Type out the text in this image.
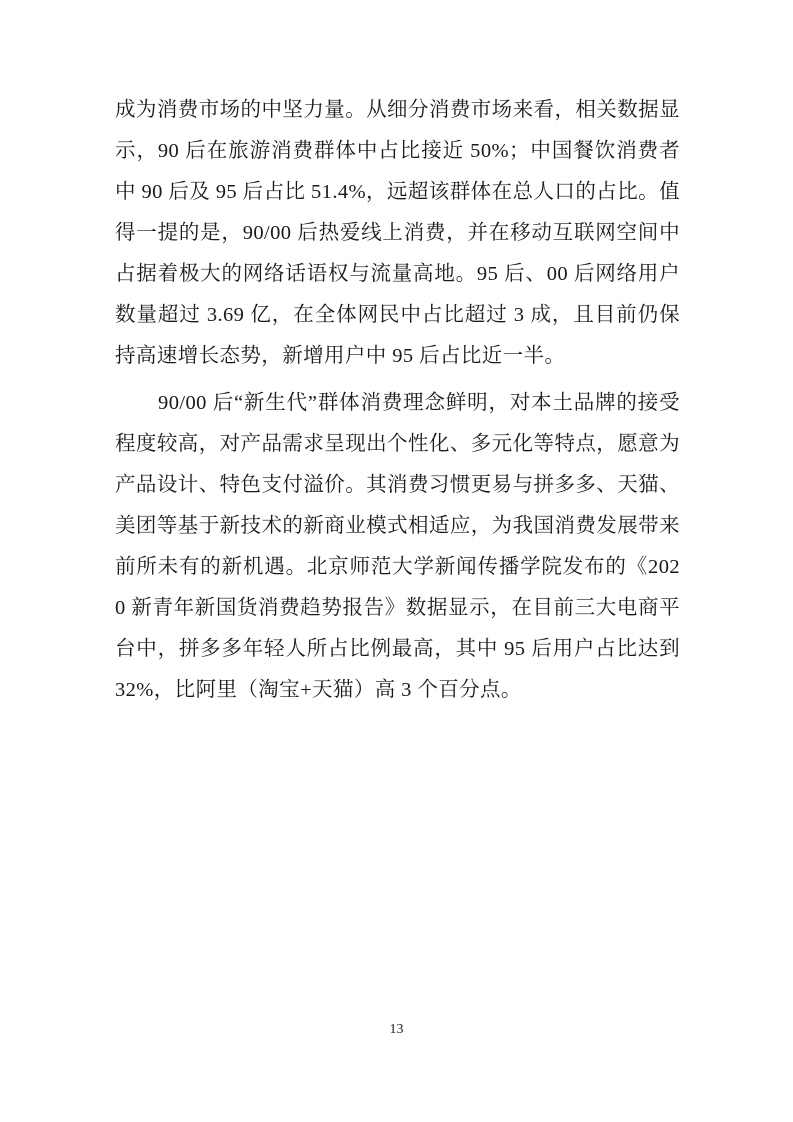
成为消费市场的中坚力量。从细分消费市场来看，相关数据显示，90 后在旅游消费群体中占比接近 50%；中国餐饮消费者中 90 后及 95 后占比 51.4%，远超该群体在总人口的占比。值得一提的是，90/00 后热爱线上消费，并在移动互联网空间中占据着极大的网络话语权与流量高地。95 后、00 后网络用户数量超过 3.69 亿，在全体网民中占比超过 3 成，且目前仍保持高速增长态势，新增用户中 95 后占比近一半。

90/00 后“新生代”群体消费理念鲜明，对本土品牌的接受程度较高，对产品需求呈现出个性化、多元化等特点，愿意为产品设计、特色支付溢价。其消费习惯更易与拼多多、天猫、美团等基于新技术的新商业模式相适应，为我国消费发展带来前所未有的新机遇。北京师范大学新闻传播学院发布的《2020 新青年新国货消费趋势报告》数据显示，在目前三大电商平台中，拼多多年轻人所占比例最高，其中 95 后用户占比达到 32%，比阿里（淘宝+天猫）高 3 个百分点。

13
